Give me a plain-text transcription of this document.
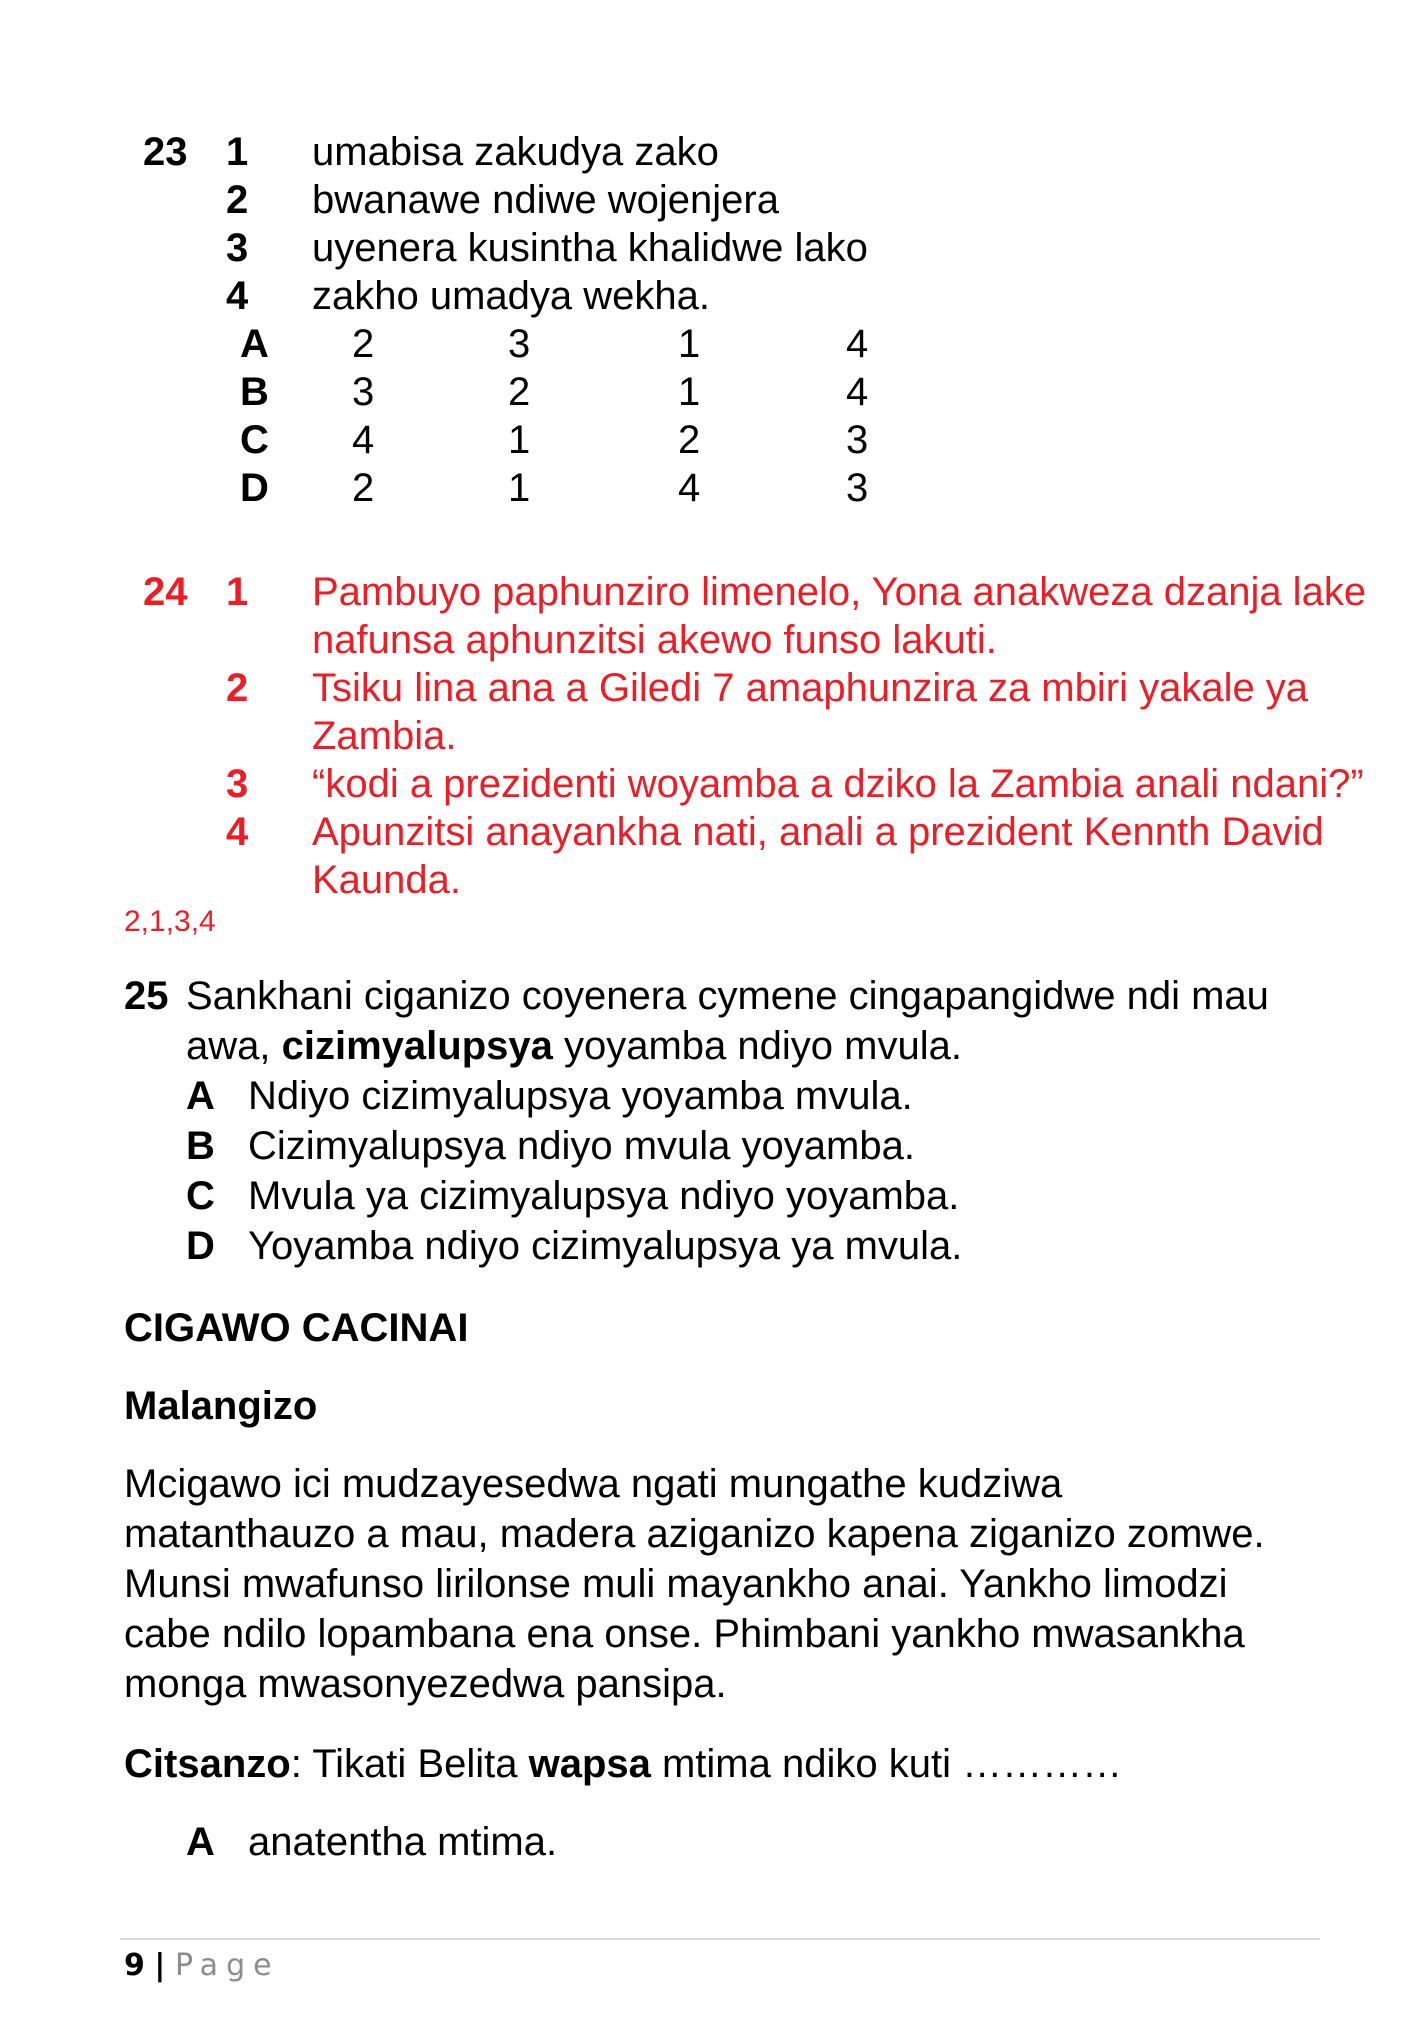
23 1 umabisa zakudya zako
2 bwanawe ndiwe wojenjera
3 uyenera kusintha khalidwe lako
4 zakho umadya wekha.
A 2	3	1	4
B 3	2	1	4
C 4	1	2	3
D 2	1	4	3
24 1 Pambuyo paphunziro limenelo, Yona anakweza dzanja lake
nafunsa aphunzitsi akewo funso lakuti.
2 Tsiku lina ana a Giledi 7 amaphunzira za mbiri yakale ya
Zambia.
3 “kodi a prezidenti woyamba a dziko la Zambia anali ndani?”
4 Apunzitsi anayankha nati, anali a prezident Kennth David
Kaunda.
2,1,3,4
25 Sankhani ciganizo coyenera cymene cingapangidwe ndi mau
awa, cizimyalupsya yoyamba ndiyo mvula.
A Ndiyo cizimyalupsya yoyamba mvula.
B Cizimyalupsya ndiyo mvula yoyamba.
C Mvula ya cizimyalupsya ndiyo yoyamba.
D Yoyamba ndiyo cizimyalupsya ya mvula.
CIGAWO CACINAI
Malangizo
Mcigawo ici mudzayesedwa ngati mungathe kudziwa
matanthauzo a mau, madera aziganizo kapena ziganizo zomwe.
Munsi mwafunso lirilonse muli mayankho anai. Yankho limodzi
cabe ndilo lopambana ena onse. Phimbani yankho mwasankha
monga mwasonyezedwa pansipa.
Citsanzo: Tikati Belita wapsa mtima ndiko kuti …………
A anatentha mtima.
9 | Page
